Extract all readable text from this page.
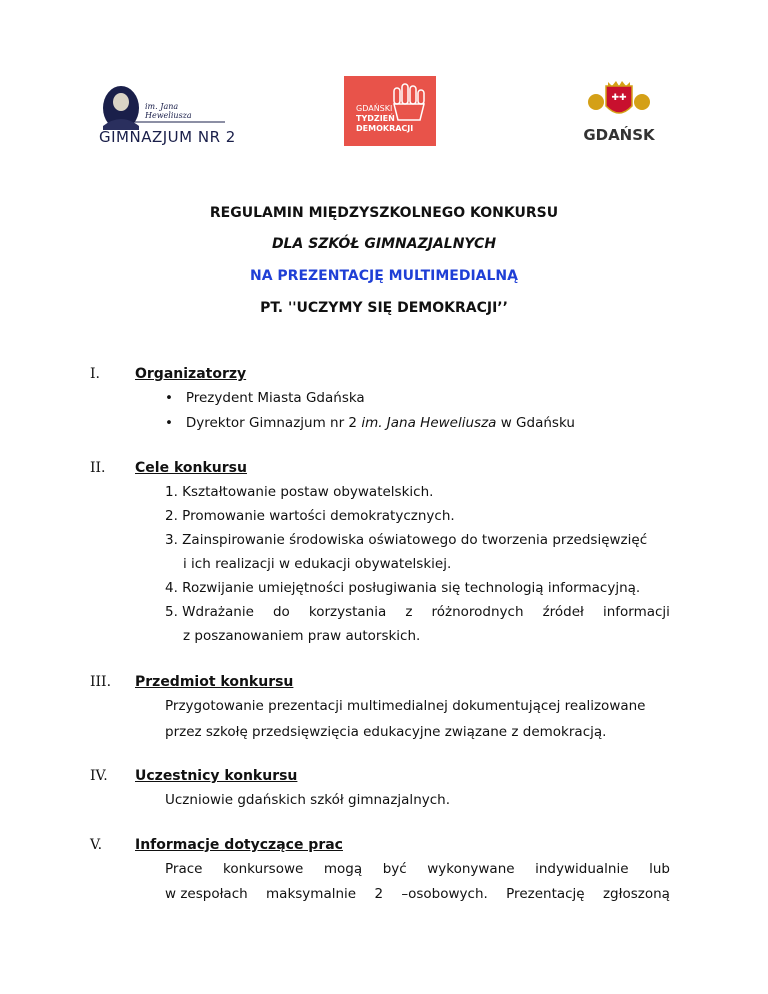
im. Jana Heweliusza
GIMNAZJUM NR 2
GDAŃSKI
TYDZIEŃ
DEMOKRACJI
✚✚
GDAŃSK
REGULAMIN MIĘDZYSZKOLNEGO KONKURSU
DLA SZKÓŁ GIMNAZJALNYCH
NA PREZENTACJĘ MULTIMEDIALNĄ
PT. ''UCZYMY SIĘ DEMOKRACJI’’
I.	Organizatorzy
•   Prezydent Miasta Gdańska
•   Dyrektor Gimnazjum nr 2 im. Jana Heweliusza w Gdańsku
II. Cele konkursu
1. Kształtowanie postaw obywatelskich.
2. Promowanie wartości demokratycznych.
3. Zainspirowanie środowiska oświatowego do tworzenia przedsięwzięć
i ich realizacji w edukacji obywatelskiej.
4. Rozwijanie umiejętności posługiwania się technologią informacyjną.
5. Wdrażanie do korzystania z różnorodnych źródeł informacji
z poszanowaniem praw autorskich.
III. Przedmiot konkursu
Przygotowanie prezentacji multimedialnej dokumentującej realizowane
przez szkołę przedsięwzięcia edukacyjne związane z demokracją.
IV. Uczestnicy konkursu
Uczniowie gdańskich szkół gimnazjalnych.
V. Informacje dotyczące prac
Prace konkursowe mogą być wykonywane indywidualnie lub
w zespołach maksymalnie 2 –osobowych. Prezentację zgłoszoną
